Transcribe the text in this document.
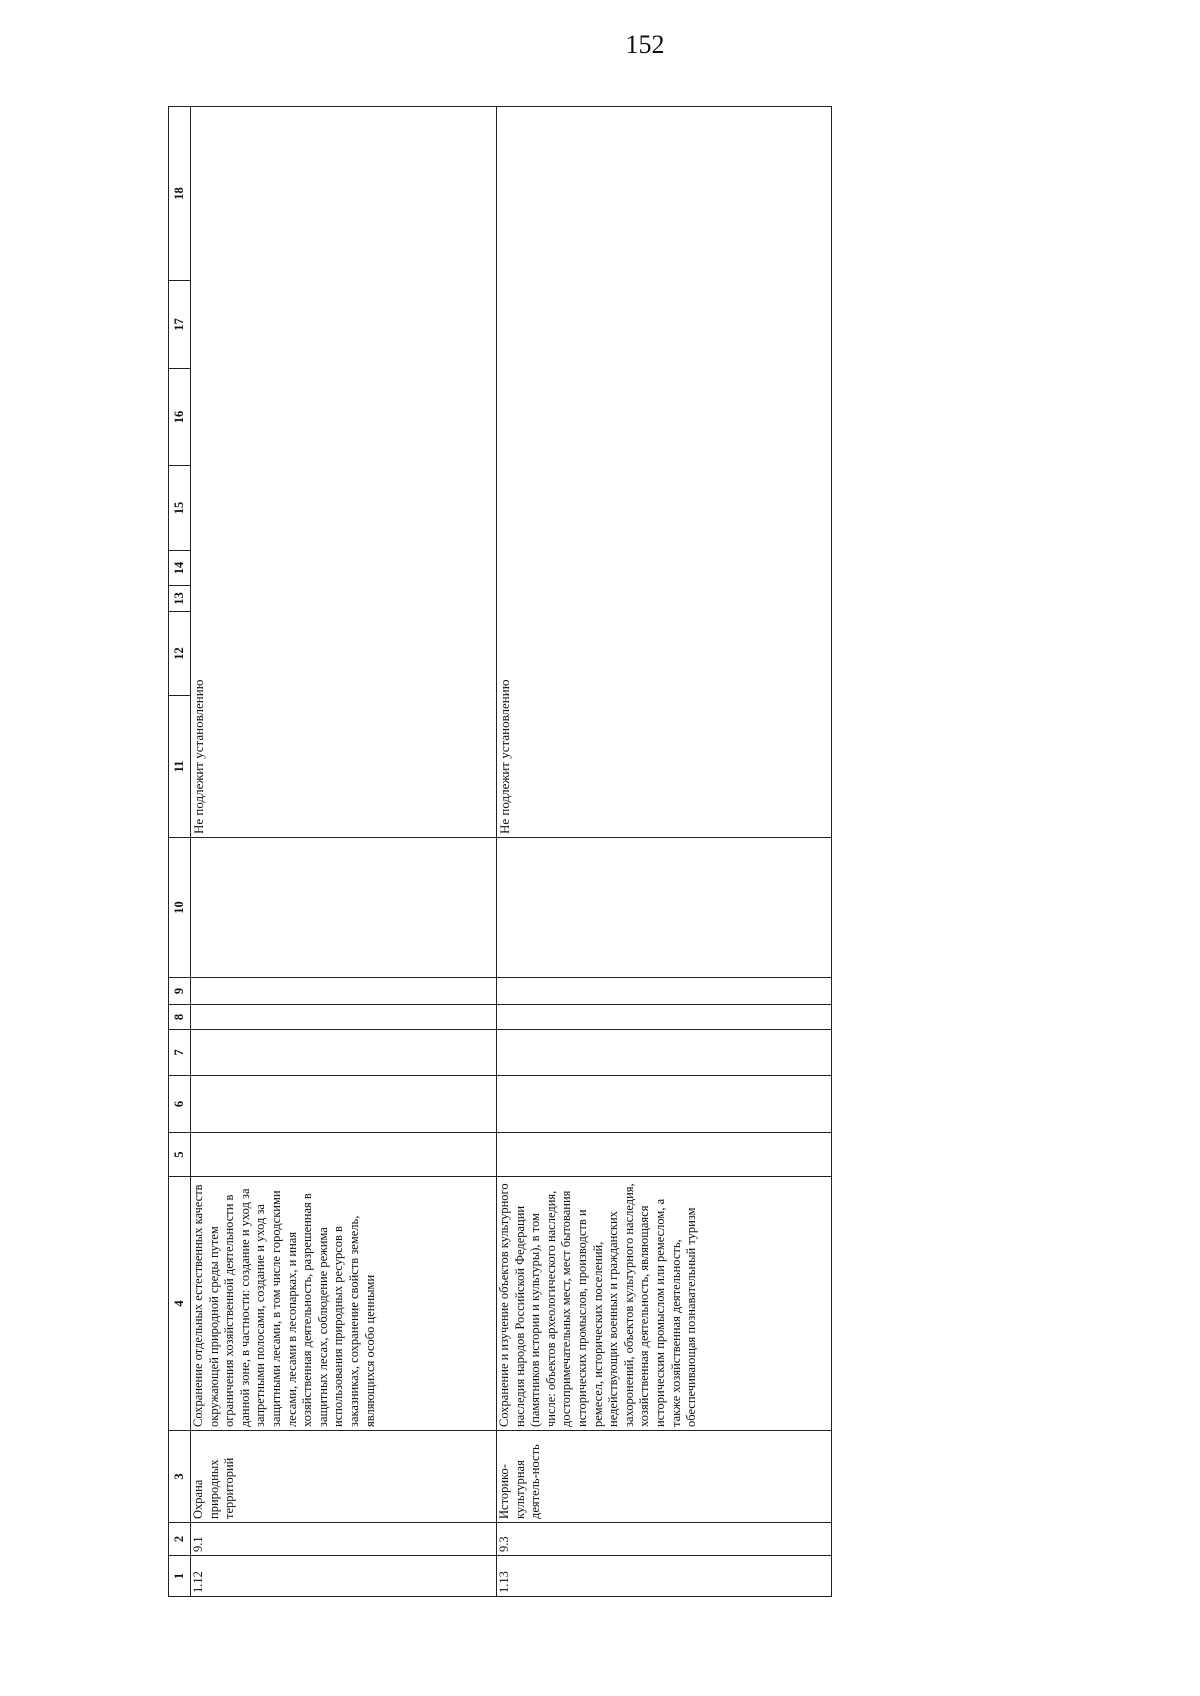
152
1	2	3	4	5	6	7	8	9	10	11	12	13	14	15	16	17	18
1.12	9.1	Охрана природных территорий	Сохранение отдельных естественных качеств окружающей природной среды путем ограничения хозяйственной деятельности в данной зоне, в частности: создание и уход за запретными полосами, создание и уход за защитными лесами, в том числе городскими лесами, лесами в лесопарках, и иная хозяйственная деятельность, разрешенная в защитных лесах, соблюдение режима использования природных ресурсов в заказниках, сохранение свойств земель, являющихся особо ценными							Не подлежит установлению							
1.13	9.3	Историко-культурная деятель-ность	Сохранение и изучение объектов культурного наследия народов Российской Федерации (памятников истории и культуры), в том числе: объектов археологического наследия, достопримечательных мест, мест бытования исторических промыслов, производств и ремесел, исторических поселений, недействующих военных и гражданских захоронений, объектов культурного наследия, хозяйственная деятельность, являющаяся историческим промыслом или ремеслом, а также хозяйственная деятельность, обеспечивающая познавательный туризм							Не подлежит установлению							
